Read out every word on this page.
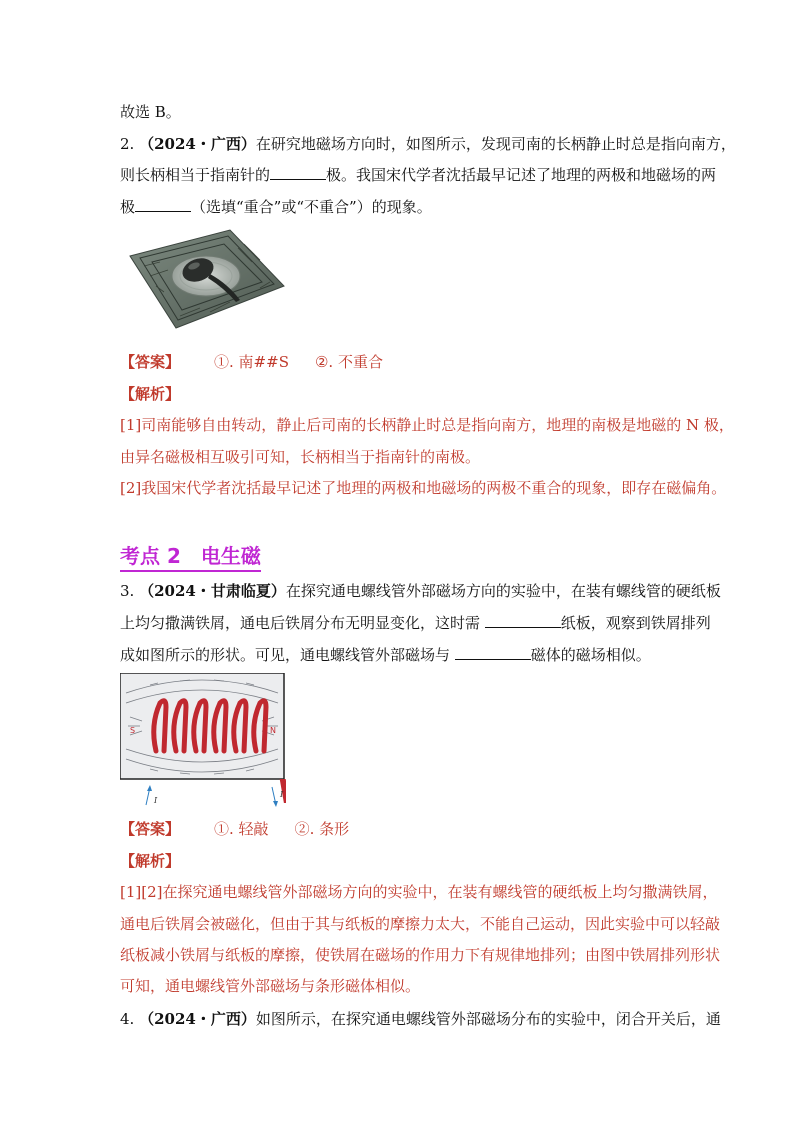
故选 B。
2. （2024・广西）在研究地磁场方向时，如图所示，发现司南的长柄静止时总是指向南方，
则长柄相当于指南针的	极。我国宋代学者沈括最早记述了地理的两极和地磁场的两
极	（选填“重合”或“不重合”）的现象。
【答案】 ①. 南##S ②. 不重合
【解析】
[1]司南能够自由转动，静止后司南的长柄静止时总是指向南方，地理的南极是地磁的 N 极，
由异名磁极相互吸引可知，长柄相当于指南针的南极。
[2]我国宋代学者沈括最早记述了地理的两极和地磁场的两极不重合的现象，即存在磁偏角。
考点 2　电生磁
3. （2024・甘肃临夏）在探究通电螺线管外部磁场方向的实验中，在装有螺线管的硬纸板
上均匀撒满铁屑，通电后铁屑分布无明显变化，这时需	纸板，观察到铁屑排列
成如图所示的形状。可见，通电螺线管外部磁场与	磁体的磁场相似。
S	N
I
I
【答案】 ①. 轻敲 ②. 条形
【解析】
[1][2]在探究通电螺线管外部磁场方向的实验中，在装有螺线管的硬纸板上均匀撒满铁屑，
通电后铁屑会被磁化，但由于其与纸板的摩擦力太大，不能自己运动，因此实验中可以轻敲
纸板减小铁屑与纸板的摩擦，使铁屑在磁场的作用力下有规律地排列；由图中铁屑排列形状
可知，通电螺线管外部磁场与条形磁体相似。
4. （2024・广西）如图所示，在探究通电螺线管外部磁场分布的实验中，闭合开关后，通
